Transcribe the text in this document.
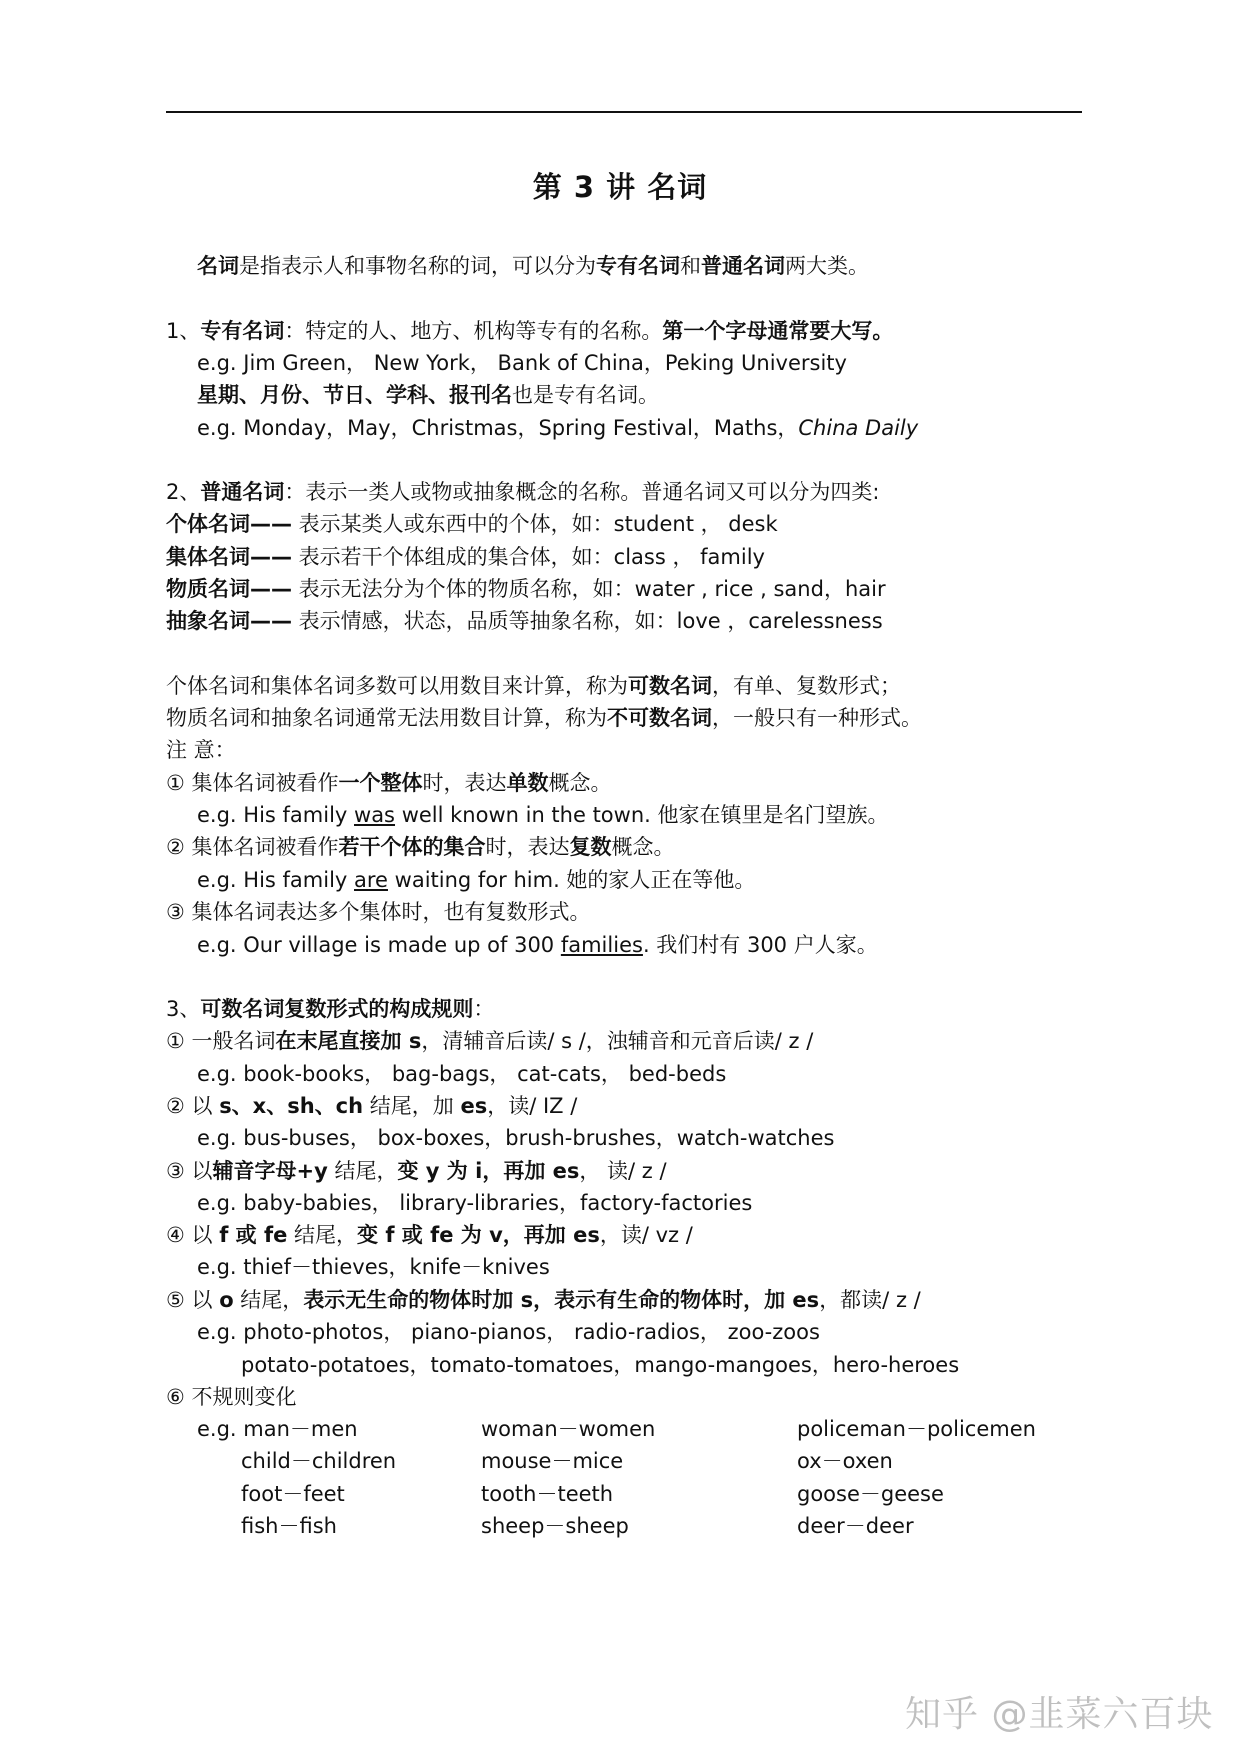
第 3 讲 名词
名词是指表示人和事物名称的词，可以分为专有名词和普通名词两大类。
1、专有名词：特定的人、地方、机构等专有的名称。第一个字母通常要大写。
e.g. Jim Green， New York， Bank of China，Peking University
星期、月份、节日、学科、报刊名也是专有名词。
e.g. Monday，May，Christmas，Spring Festival，Maths，China Daily
2、普通名词：表示一类人或物或抽象概念的名称。普通名词又可以分为四类:
个体名词—— 表示某类人或东西中的个体，如：student ， desk
集体名词—— 表示若干个体组成的集合体，如：class ， family
物质名词—— 表示无法分为个体的物质名称，如：water , rice , sand，hair
抽象名词—— 表示情感，状态，品质等抽象名称，如：love ，carelessness
个体名词和集体名词多数可以用数目来计算，称为可数名词，有单、复数形式；
物质名词和抽象名词通常无法用数目计算，称为不可数名词，一般只有一种形式。
注 意：
① 集体名词被看作一个整体时，表达单数概念。
e.g. His family was well known in the town. 他家在镇里是名门望族。
② 集体名词被看作若干个体的集合时，表达复数概念。
e.g. His family are waiting for him. 她的家人正在等他。
③ 集体名词表达多个集体时，也有复数形式。
e.g. Our village is made up of 300 families. 我们村有 300 户人家。
3、可数名词复数形式的构成规则：
① 一般名词在末尾直接加 s，清辅音后读/ s /，浊辅音和元音后读/ z /
e.g. book-books， bag-bags， cat-cats， bed-beds
② 以 s、x、sh、ch 结尾，加 es，读/ IZ /
e.g. bus-buses， box-boxes，brush-brushes，watch-watches
③ 以辅音字母+y 结尾，变 y 为 i，再加 es， 读/ z /
e.g. baby-babies， library-libraries，factory-factories
④ 以 f 或 fe 结尾，变 f 或 fe 为 v，再加 es，读/ vz /
e.g. thief－thieves，knife－knives
⑤ 以 o 结尾，表示无生命的物体时加 s，表示有生命的物体时，加 es，都读/ z /
e.g. photo-photos， piano-pianos， radio-radios， zoo-zoos
potato-potatoes，tomato-tomatoes，mango-mangoes，hero-heroes
⑥ 不规则变化
e.g. man－men	woman－women	policeman－policemen
child－children	mouse－mice	ox－oxen
foot－feet	tooth－teeth	goose－geese
fish－fish	sheep－sheep	deer－deer
知乎 @韭菜六百块
